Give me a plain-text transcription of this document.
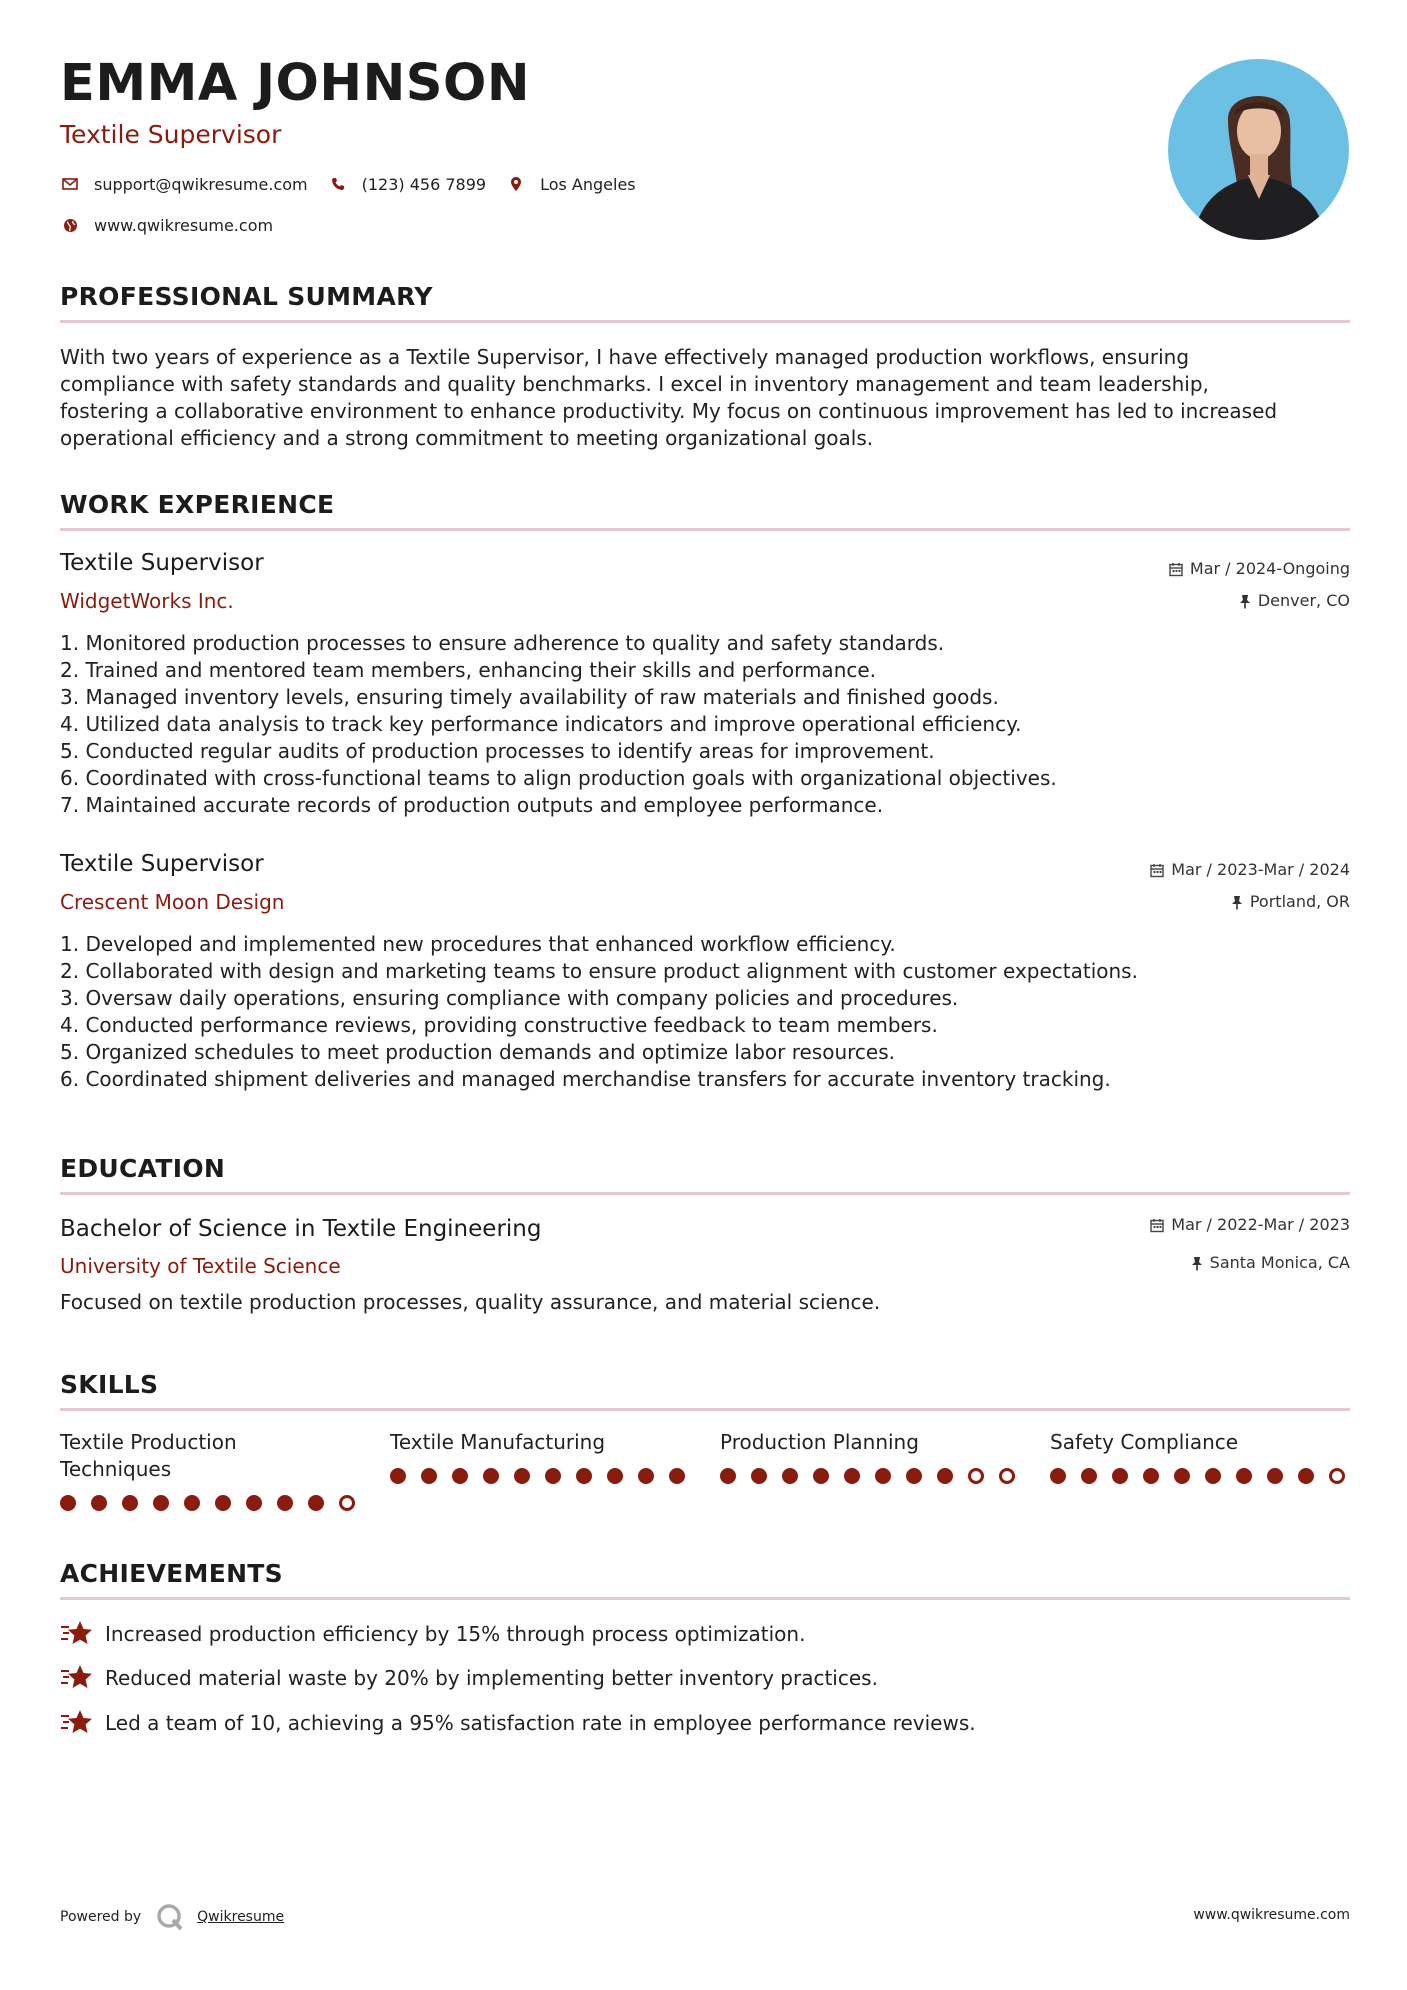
EMMA JOHNSON
Textile Supervisor
support@qwikresume.com	(123) 456 7899	Los Angeles
www.qwikresume.com
PROFESSIONAL SUMMARY
With two years of experience as a Textile Supervisor, I have effectively managed production workflows, ensuring
compliance with safety standards and quality benchmarks. I excel in inventory management and team leadership,
fostering a collaborative environment to enhance productivity. My focus on continuous improvement has led to increased
operational efficiency and a strong commitment to meeting organizational goals.
WORK EXPERIENCE
Textile Supervisor
WidgetWorks Inc.
Mar / 2024-Ongoing
Denver, CO
1. Monitored production processes to ensure adherence to quality and safety standards.
2. Trained and mentored team members, enhancing their skills and performance.
3. Managed inventory levels, ensuring timely availability of raw materials and finished goods.
4. Utilized data analysis to track key performance indicators and improve operational efficiency.
5. Conducted regular audits of production processes to identify areas for improvement.
6. Coordinated with cross-functional teams to align production goals with organizational objectives.
7. Maintained accurate records of production outputs and employee performance.
Textile Supervisor
Crescent Moon Design
Mar / 2023-Mar / 2024
Portland, OR
1. Developed and implemented new procedures that enhanced workflow efficiency.
2. Collaborated with design and marketing teams to ensure product alignment with customer expectations.
3. Oversaw daily operations, ensuring compliance with company policies and procedures.
4. Conducted performance reviews, providing constructive feedback to team members.
5. Organized schedules to meet production demands and optimize labor resources.
6. Coordinated shipment deliveries and managed merchandise transfers for accurate inventory tracking.
EDUCATION
Bachelor of Science in Textile Engineering
University of Textile Science
Mar / 2022-Mar / 2023
Santa Monica, CA
Focused on textile production processes, quality assurance, and material science.
SKILLS
Textile Production
Techniques
Textile Manufacturing	Production Planning	Safety Compliance
ACHIEVEMENTS
Increased production efficiency by 15% through process optimization.
Reduced material waste by 20% by implementing better inventory practices.
Led a team of 10, achieving a 95% satisfaction rate in employee performance reviews.
Powered by	Qwikresume	www.qwikresume.com
